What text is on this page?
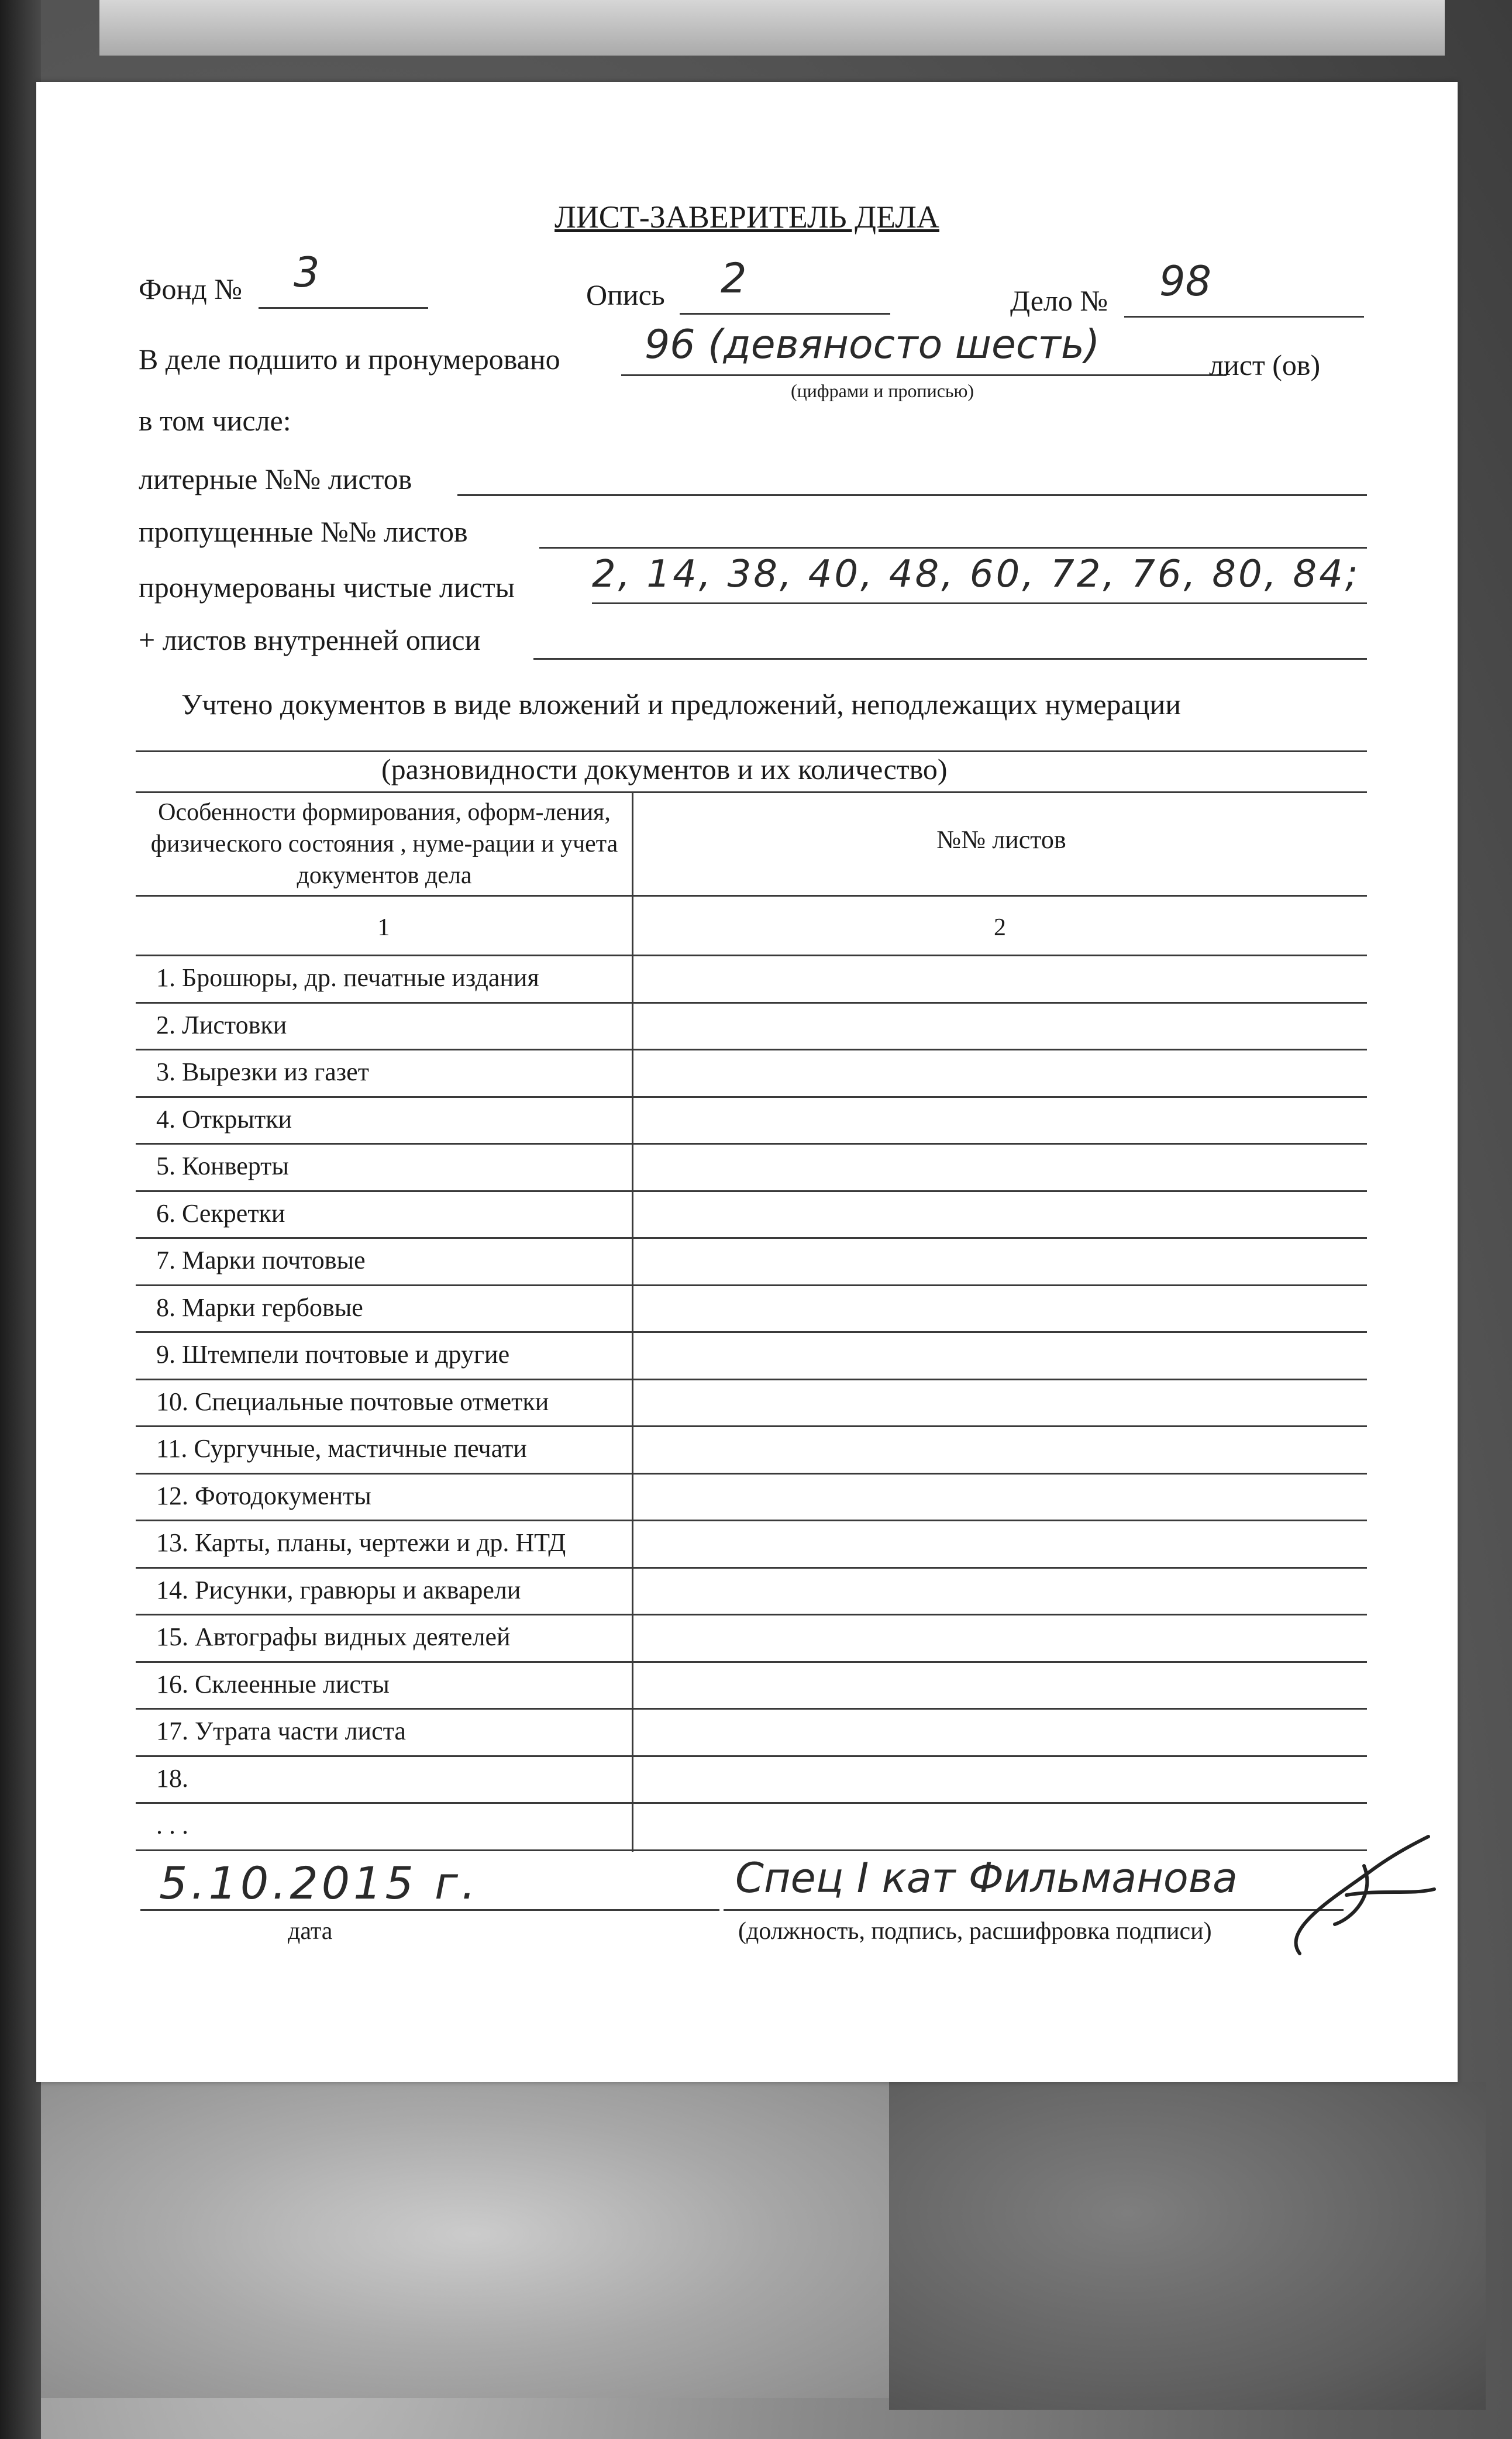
ЛИСТ-ЗАВЕРИТЕЛЬ ДЕЛА
Фонд № 3	Опись 2	Дело № 98
В деле подшито и пронумеровано 96 (девяносто шесть)	лист (ов)
(цифрами и прописью)
в том числе:
литерные №№ листов
пропущенные №№ листов
пронумерованы чистые листы 2, 14, 38, 40, 48, 60, 72, 76, 80, 84;
+ листов внутренней описи
Учтено документов в виде вложений и предложений, неподлежащих нумерации
(разновидности документов и их количество)
Особенности формирования, оформ-ления, физического состояния , нуме-рации и учета документов дела
№№ листов
1	2
1. Брошюры, др. печатные издания
2. Листовки
3. Вырезки из газет
4. Открытки
5. Конверты
6. Секретки
7. Марки почтовые
8. Марки гербовые
9. Штемпели почтовые и другие
10. Специальные почтовые отметки
11. Сургучные, мастичные печати
12. Фотодокументы
13. Карты, планы, чертежи и др. НТД
14. Рисунки, гравюры и акварели
15. Автографы видных деятелей
16. Склеенные листы
17. Утрата части листа
18.
. . .
5.10.2015 г.
дата
Спец I кат Фильманова
(должность, подпись, расшифровка подписи)
